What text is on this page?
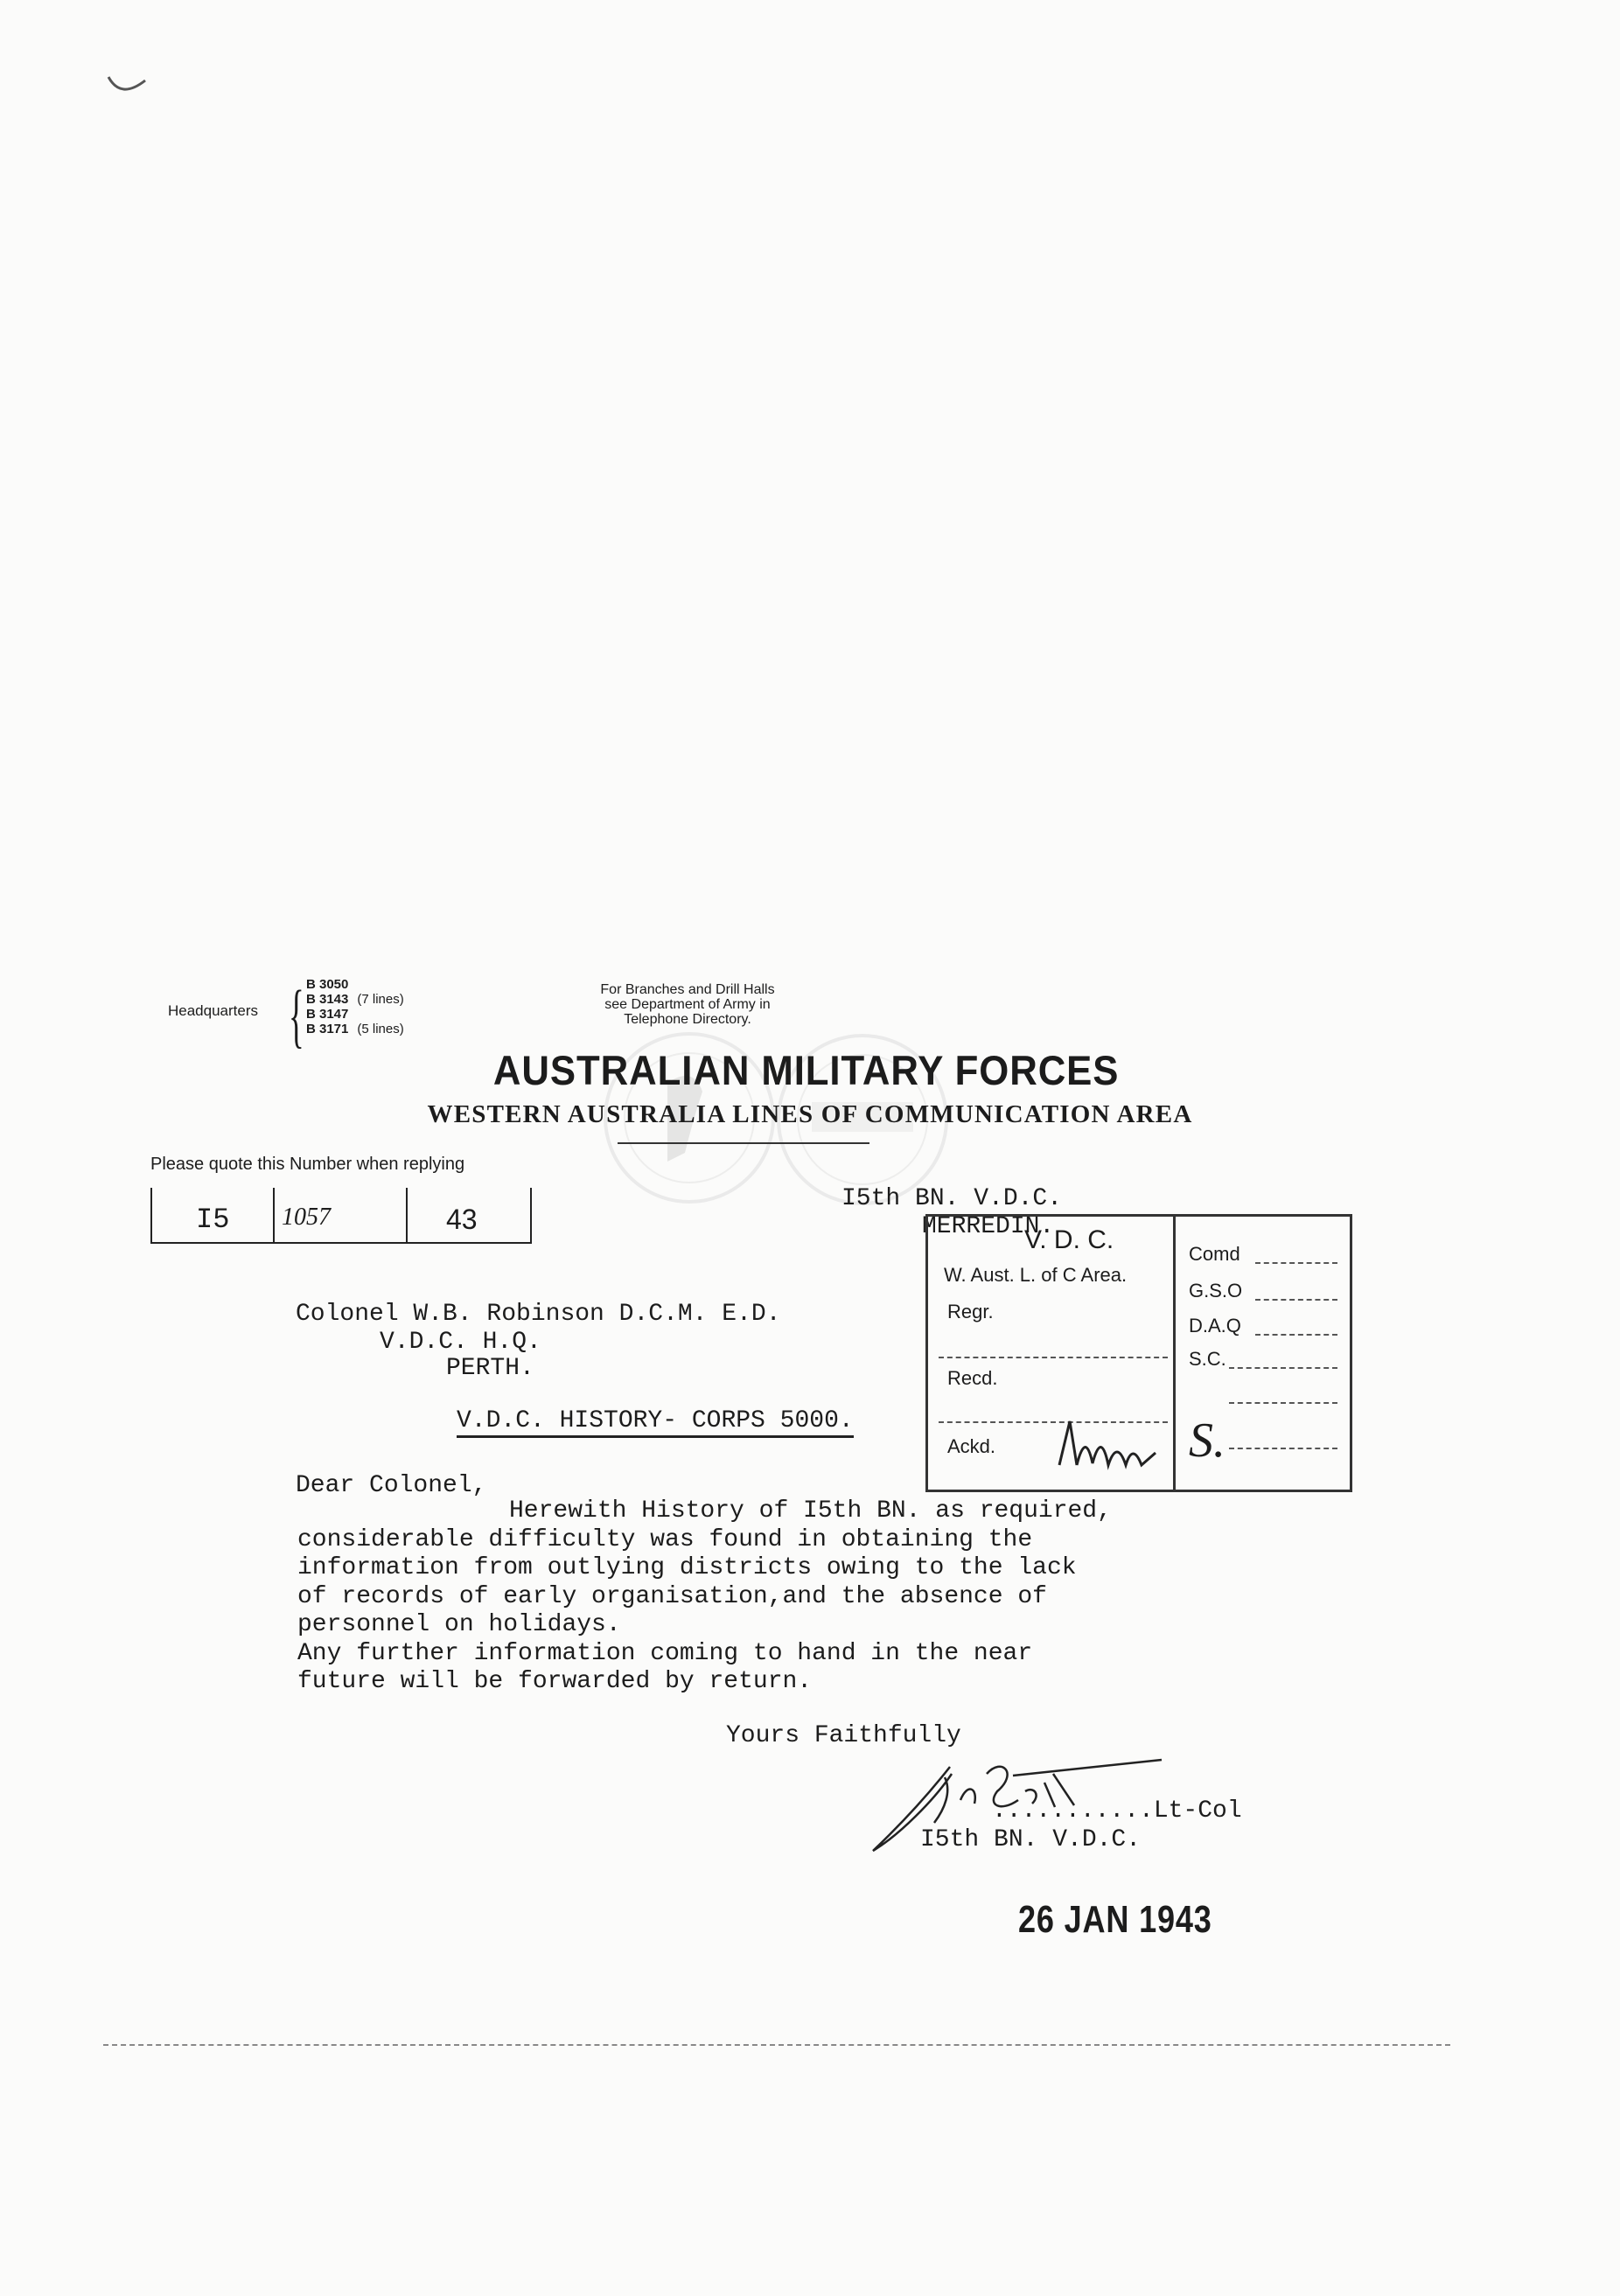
Headquarters { B 3050
B 3143 (7 lines)
B 3147
B 3171 (5 lines)
For Branches and Drill Halls
see Department of Army in
Telephone Directory.
AUSTRALIAN MILITARY FORCES
WESTERN AUSTRALIA LINES OF COMMUNICATION AREA
Please quote this Number when replying
I5 1057	43
I5th BN. V.D.C.
MERREDIN.
V. D. C.
W. Aust. L. of C Area.
Regr.
Recd.
Ackd.
Comd
G.S.O
D.A.Q
S.C.
S.
Colonel W.B. Robinson D.C.M. E.D.
V.D.C. H.Q.
PERTH.
V.D.C. HISTORY- CORPS 5000.
Dear Colonel,
Herewith History of I5th BN. as required,
considerable difficulty was found in obtaining the
information from outlying districts owing to the lack
of records of early organisation,and the absence of
personnel on holidays.
Any further information coming to hand in the near
future will be forwarded by return.
Yours Faithfully
...........Lt-Col
I5th BN. V.D.C.
26 JAN 1943
